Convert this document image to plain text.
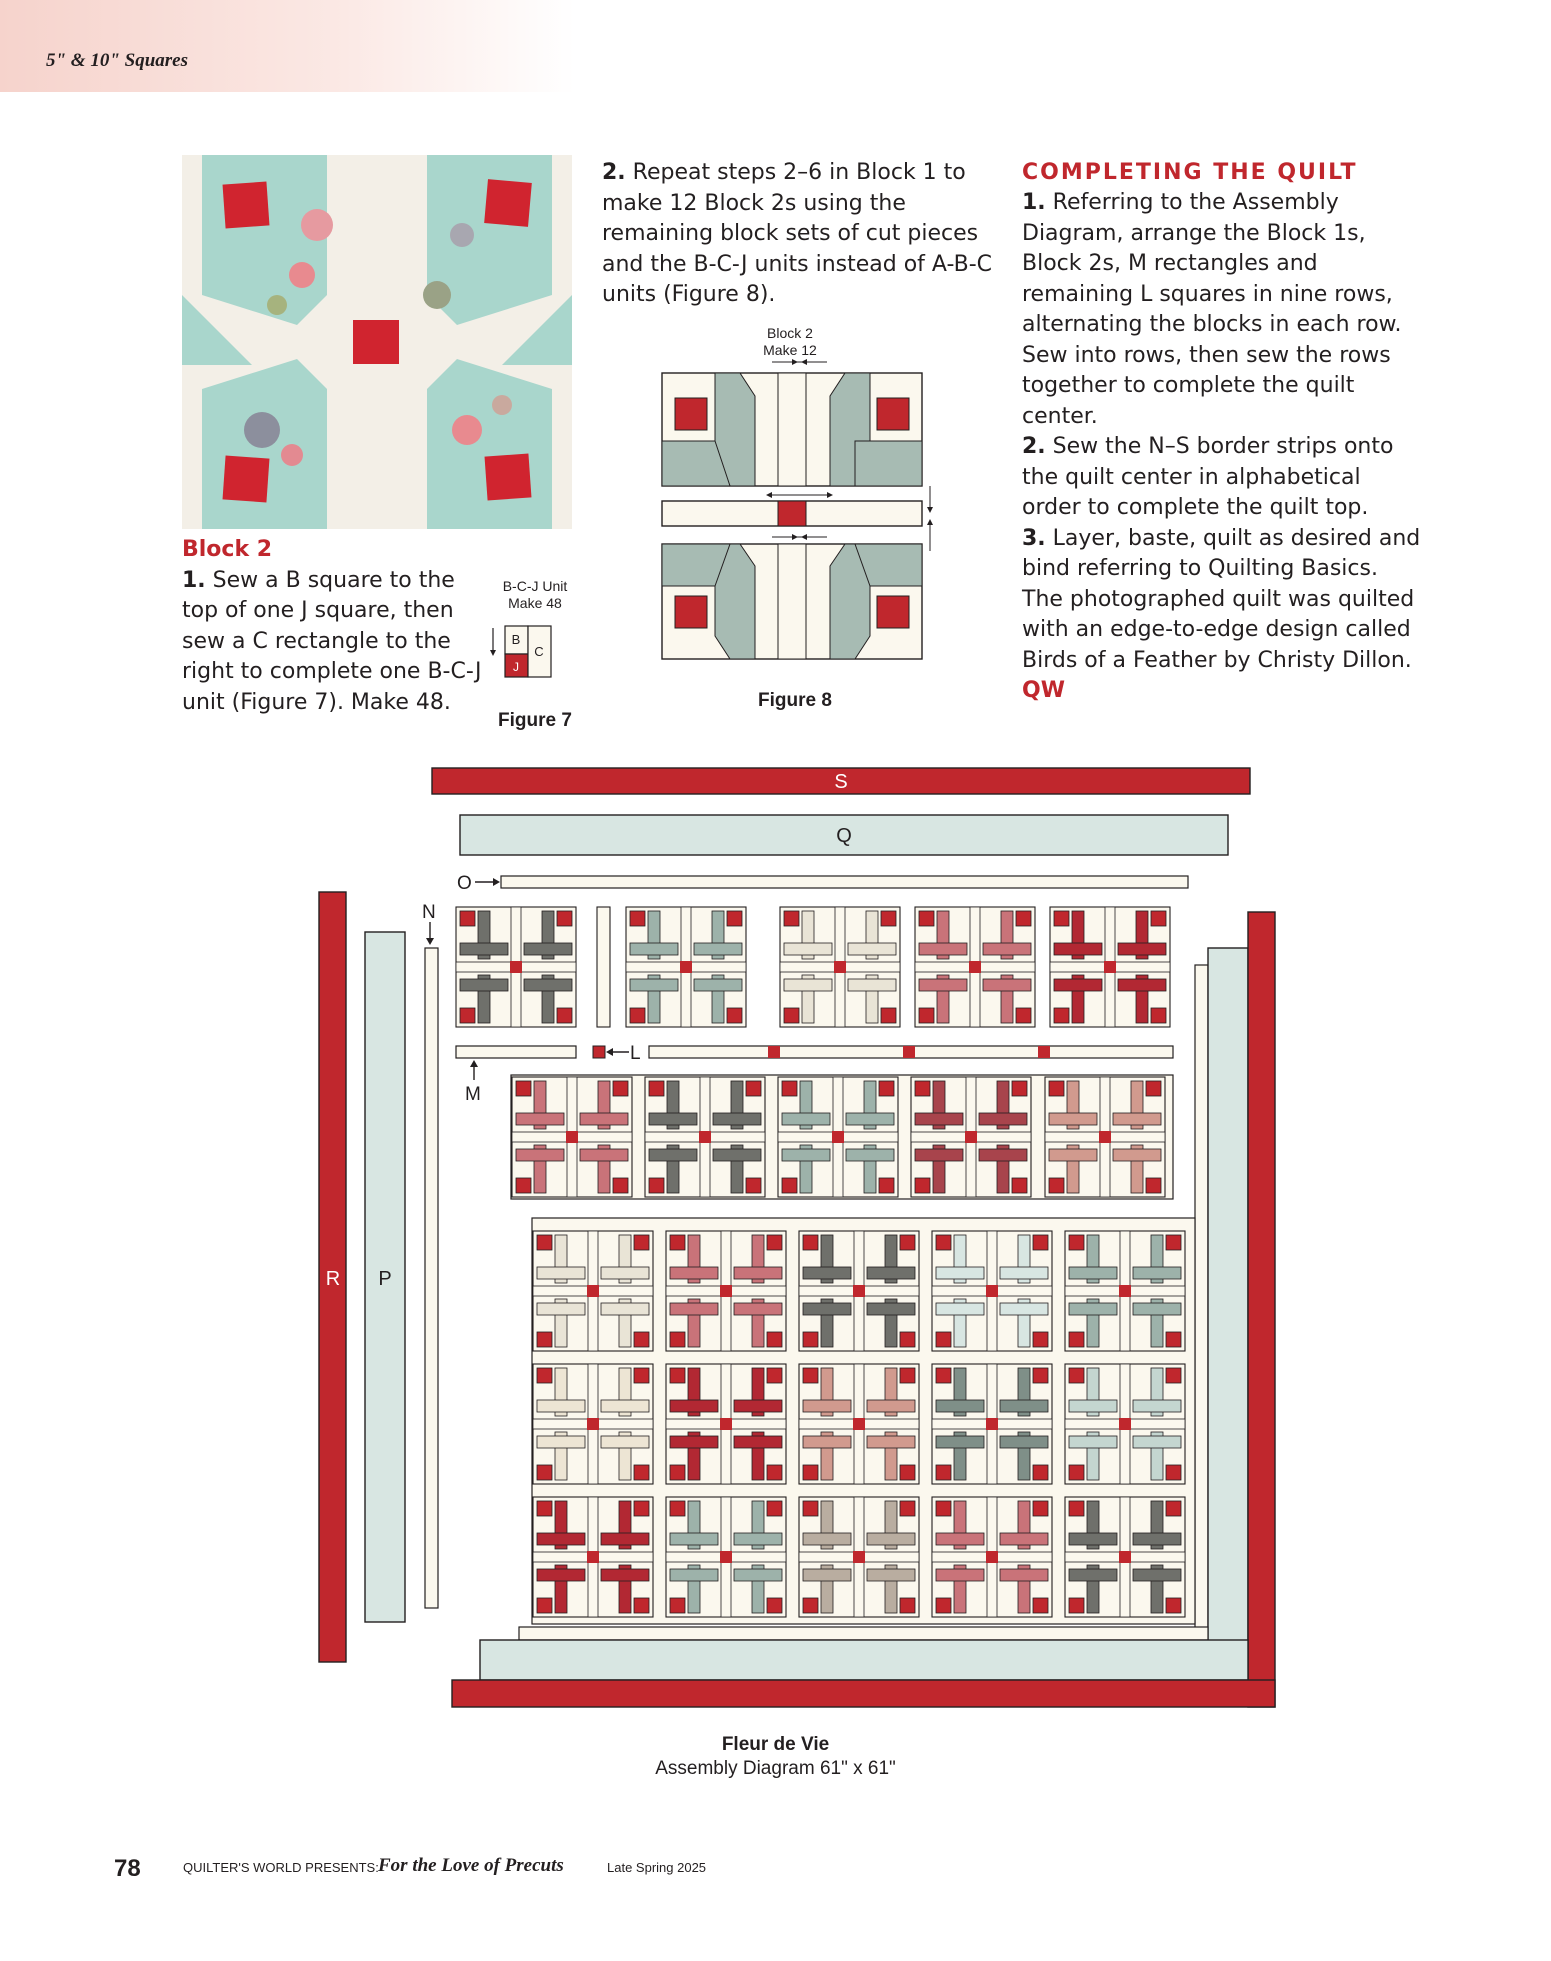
5" & 10" Squares

Block 2

1. Sew a B square to the top of one J square, then sew a C rectangle to the right to complete one B-C-J unit (Figure 7). Make 48.

B-C-J Unit
Make 48
B
C
J
Figure 7

2. Repeat steps 2–6 in Block 1 to make 12 Block 2s using the remaining block sets of cut pieces and the B-C-J units instead of A-B-C units (Figure 8).

Block 2
Make 12
Figure 8

COMPLETING THE QUILT

1. Referring to the Assembly Diagram, arrange the Block 1s, Block 2s, M rectangles and remaining L squares in nine rows, alternating the blocks in each row. Sew into rows, then sew the rows together to complete the quilt center.

2. Sew the N–S border strips onto the quilt center in alphabetical order to complete the quilt top.

3. Layer, baste, quilt as desired and bind referring to Quilting Basics. The photographed quilt was quilted with an edge-to-edge design called Birds of a Feather by Christy Dillon. QW

S
Q
O
R P
N
L
M
Fleur de Vie
Assembly Diagram 61" x 61"
78	QUILTER'S WORLD PRESENTS: For the Love of Precuts	Late Spring 2025
